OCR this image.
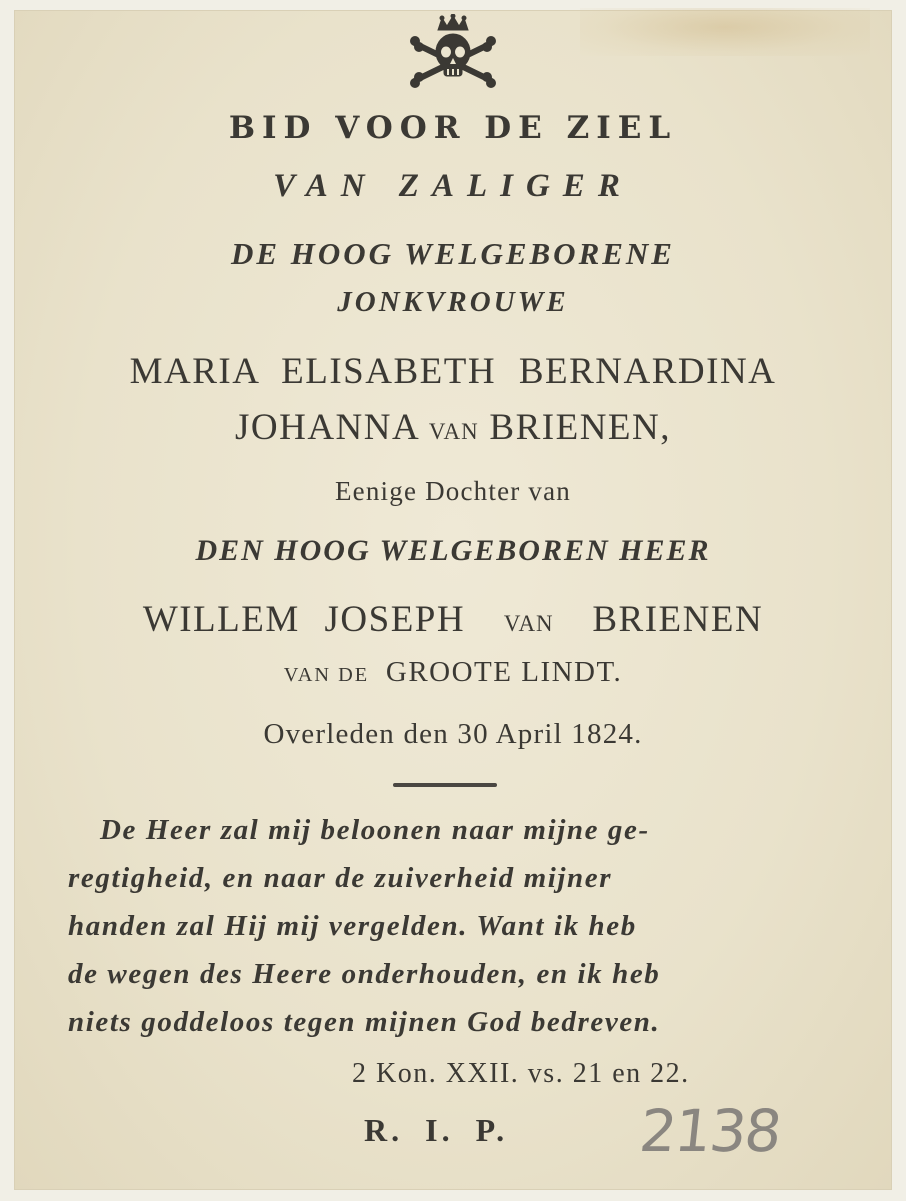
BID VOOR DE ZIEL
VAN ZALIGER
DE HOOG WELGEBORENE
JONKVROUWE
MARIA ELISABETH BERNARDINA
JOHANNA VAN BRIENEN,
Eenige Dochter van
DEN HOOG WELGEBOREN HEER
WILLEM JOSEPH VAN BRIENEN
VAN DE GROOTE LINDT.
Overleden den 30 April 1824.
De Heer zal mij beloonen naar mijne ge-
regtigheid, en naar de zuiverheid mijner
handen zal Hij mij vergelden. Want ik heb
de wegen des Heere onderhouden, en ik heb
niets goddeloos tegen mijnen God bedreven.
2 Kon. XXII. vs. 21 en 22.
R. I. P. 2138
